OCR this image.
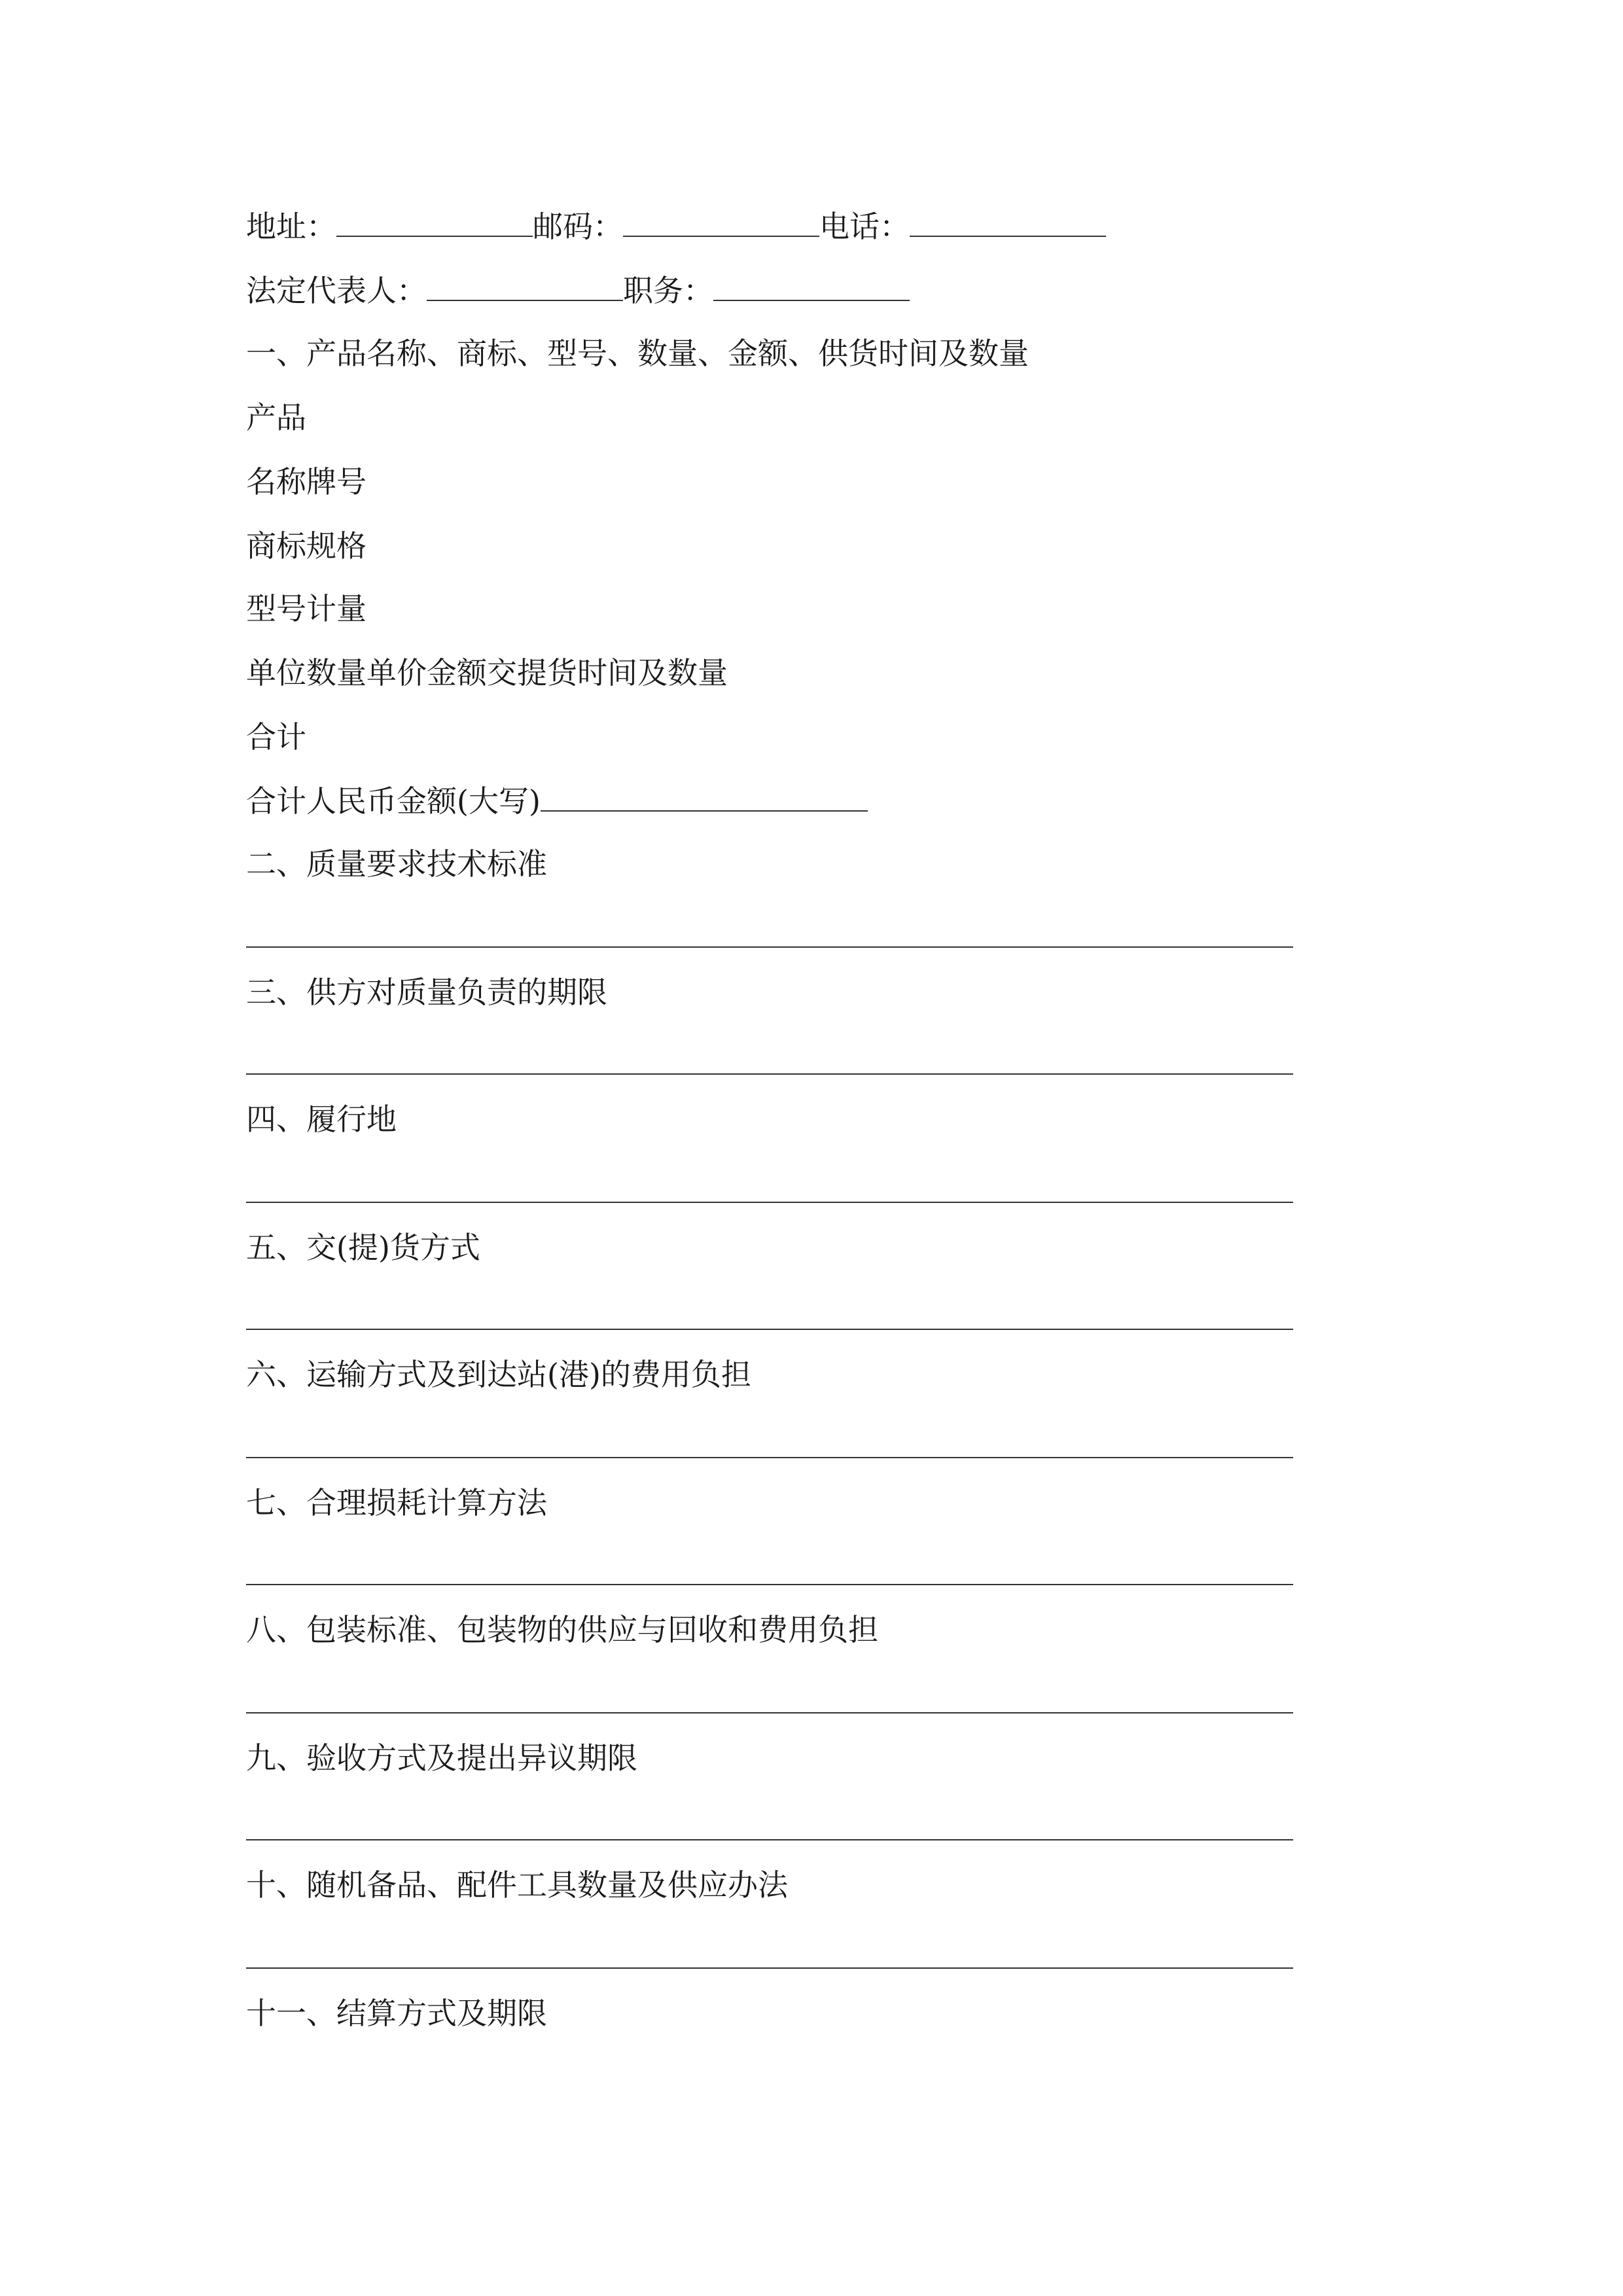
地址：	邮码：	电话：
法定代表人：	职务：
一、产品名称、商标、型号、数量、金额、供货时间及数量
产品
名称牌号
商标规格
型号计量
单位数量单价金额交提货时间及数量
合计
合计人民币金额(大写)
二、质量要求技术标准
三、供方对质量负责的期限
四、履行地
五、交(提)货方式
六、运输方式及到达站(港)的费用负担
七、合理损耗计算方法
八、包装标准、包装物的供应与回收和费用负担
九、验收方式及提出异议期限
十、随机备品、配件工具数量及供应办法
十一、结算方式及期限
